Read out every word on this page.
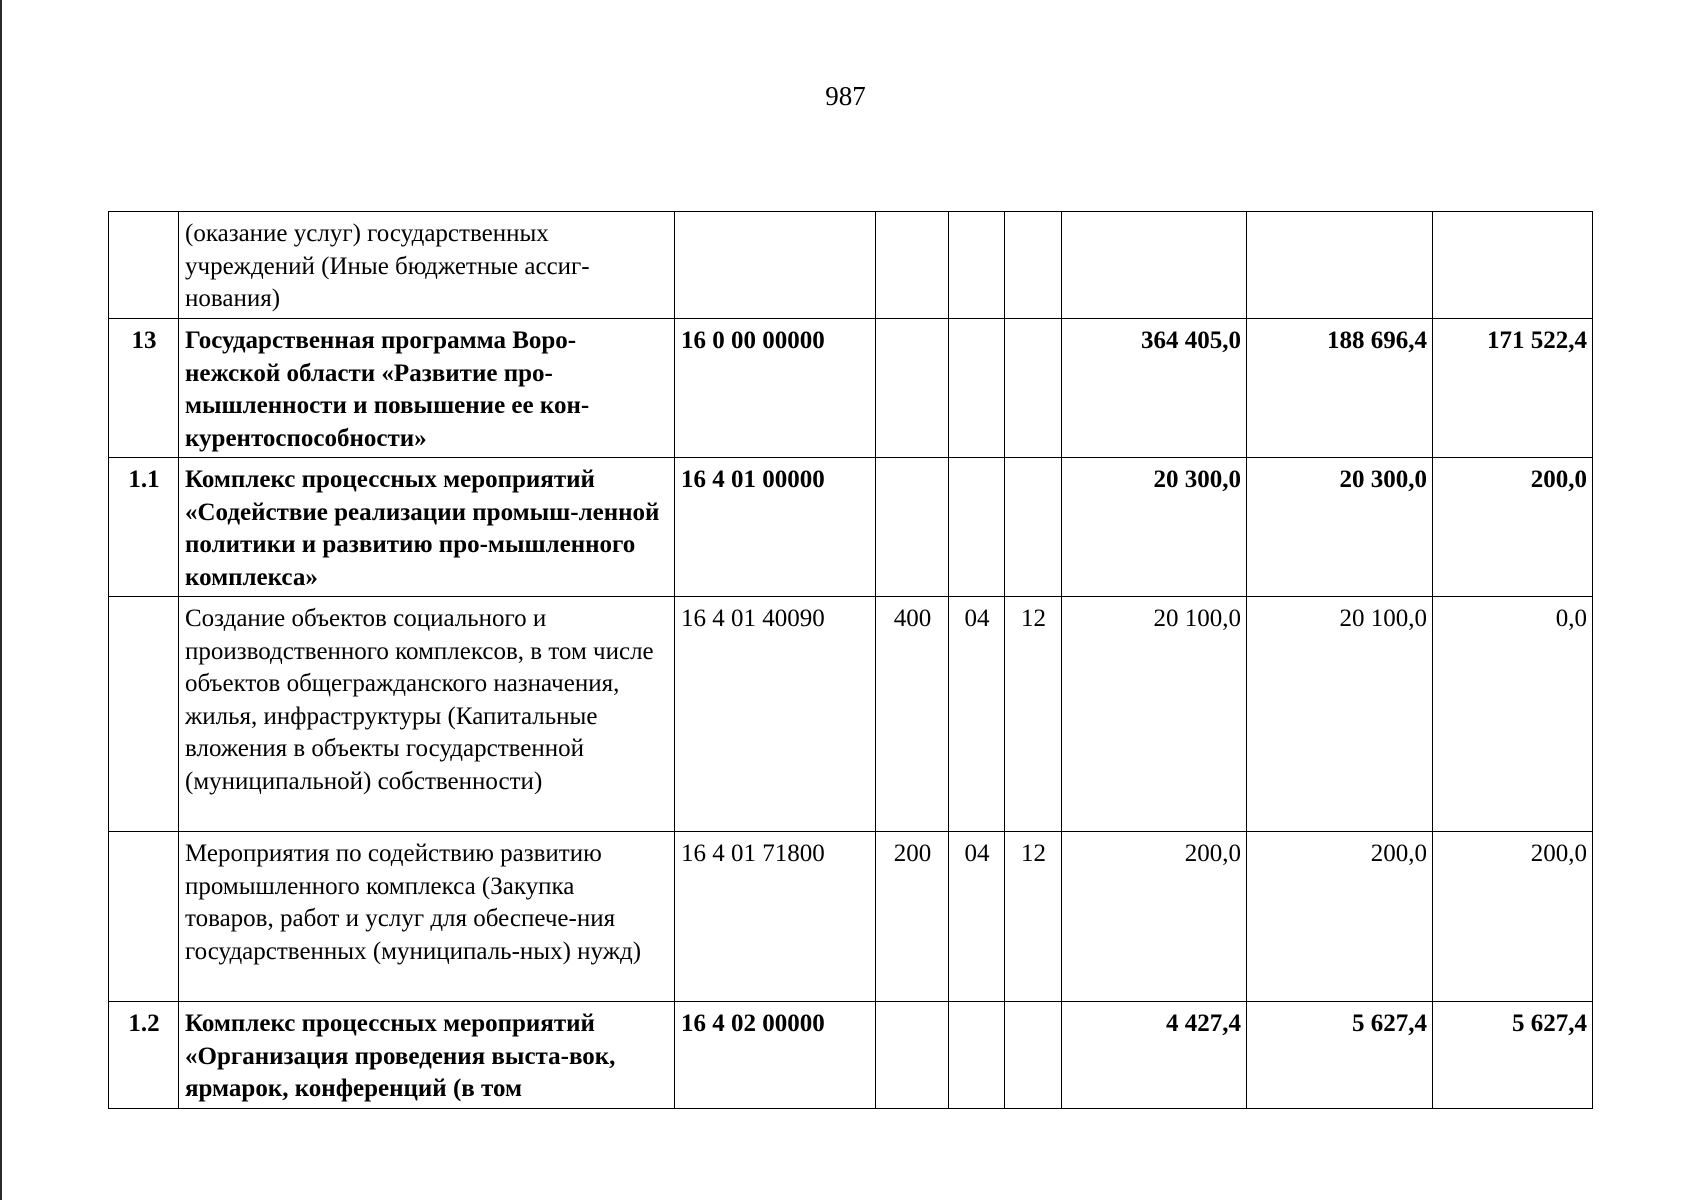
987
	(оказание услуг) государственных учреждений (Иные бюджетные ассиг-нования)							
13	Государственная программа Воро-нежской области «Развитие про-мышленности и повышение ее кон-курентоспособности»	16 0 00 00000				364 405,0	188 696,4	171 522,4
1.1	Комплекс процессных мероприятий «Содействие реализации промыш-ленной политики и развитию про-мышленного комплекса»	16 4 01 00000				20 300,0	20 300,0	200,0
	Создание объектов социального и производственного комплексов, в том числе объектов общегражданского назначения, жилья, инфраструктуры (Капитальные вложения в объекты государственной (муниципальной) собственности)	16 4 01 40090	400	04	12	20 100,0	20 100,0	0,0
	Мероприятия по содействию развитию промышленного комплекса (Закупка товаров, работ и услуг для обеспече-ния государственных (муниципаль-ных) нужд)	16 4 01 71800	200	04	12	200,0	200,0	200,0
1.2	Комплекс процессных мероприятий «Организация проведения выста-вок, ярмарок, конференций (в том	16 4 02 00000				4 427,4	5 627,4	5 627,4
